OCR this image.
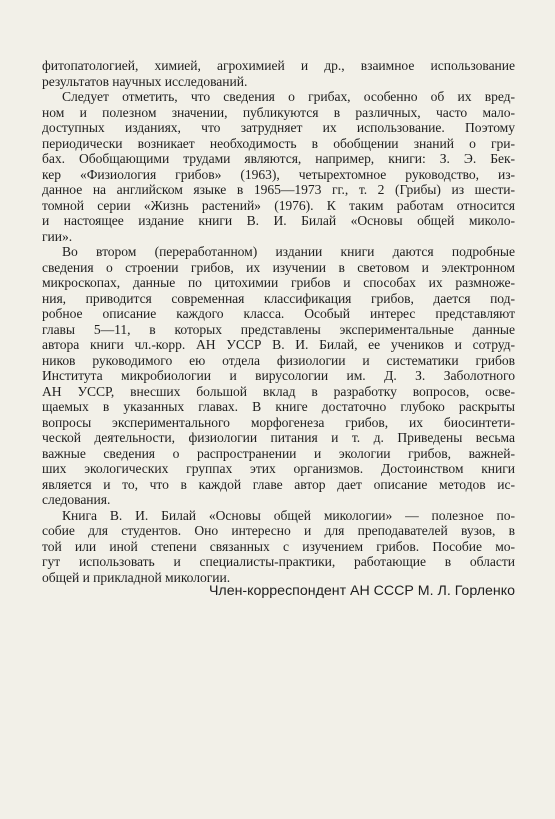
фитопатологией, химией, агрохимией и др., взаимное использование
результатов научных исследований.
Следует отметить, что сведения о грибах, особенно об их вред-
ном и полезном значении, публикуются в различных, часто мало-
доступных изданиях, что затрудняет их использование. Поэтому
периодически возникает необходимость в обобщении знаний о гри-
бах. Обобщающими трудами являются, например, книги: З. Э. Бек-
кер «Физиология грибов» (1963), четырехтомное руководство, из-
данное на английском языке в 1965—1973 гг., т. 2 (Грибы) из шести-
томной серии «Жизнь растений» (1976). К таким работам относится
и настоящее издание книги В. И. Билай «Основы общей миколо-
гии».
Во втором (переработанном) издании книги даются подробные
сведения о строении грибов, их изучении в световом и электронном
микроскопах, данные по цитохимии грибов и способах их размноже-
ния, приводится современная классификация грибов, дается под-
робное описание каждого класса. Особый интерес представляют
главы 5—11, в которых представлены экспериментальные данные
автора книги чл.-корр. АН УССР В. И. Билай, ее учеников и сотруд-
ников руководимого ею отдела физиологии и систематики грибов
Института микробиологии и вирусологии им. Д. З. Заболотного
АН УССР, внесших большой вклад в разработку вопросов, осве-
щаемых в указанных главах. В книге достаточно глубоко раскрыты
вопросы экспериментального морфогенеза грибов, их биосинтети-
ческой деятельности, физиологии питания и т. д. Приведены весьма
важные сведения о распространении и экологии грибов, важней-
ших экологических группах этих организмов. Достоинством книги
является и то, что в каждой главе автор дает описание методов ис-
следования.
Книга В. И. Билай «Основы общей микологии» — полезное по-
собие для студентов. Оно интересно и для преподавателей вузов, в
той или иной степени связанных с изучением грибов. Пособие мо-
гут использовать и специалисты-практики, работающие в области
общей и прикладной микологии.
Член-корреспондент АН СССР М. Л. Горленко
